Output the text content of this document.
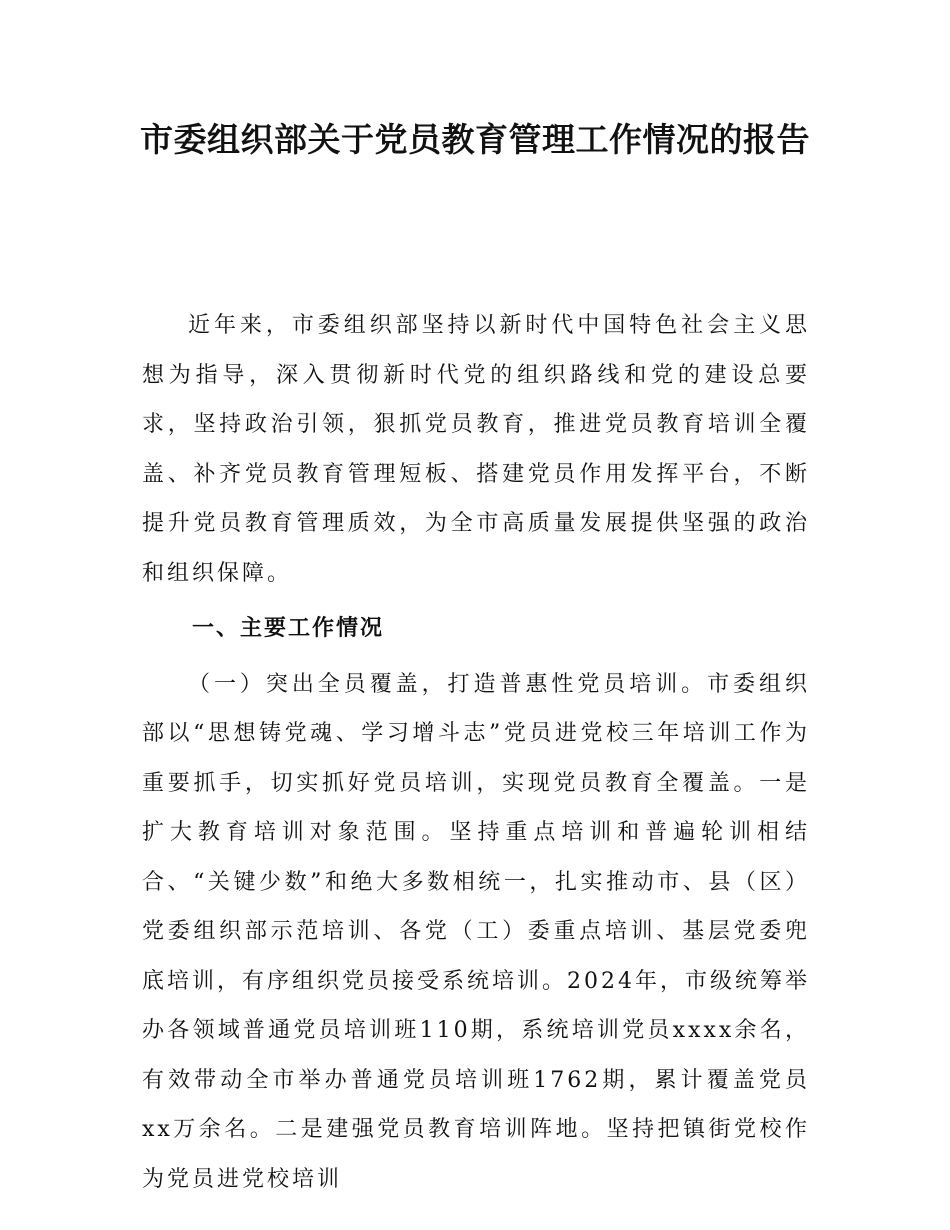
市委组织部关于党员教育管理工作情况的报告

近年来，市委组织部坚持以新时代中国特色社会主义思想为指导，深入贯彻新时代党的组织路线和党的建设总要求，坚持政治引领，狠抓党员教育，推进党员教育培训全覆盖、补齐党员教育管理短板、搭建党员作用发挥平台，不断提升党员教育管理质效，为全市高质量发展提供坚强的政治和组织保障。

一、主要工作情况

（一）突出全员覆盖，打造普惠性党员培训。市委组织部以“思想铸党魂、学习增斗志”党员进党校三年培训工作为重要抓手，切实抓好党员培训，实现党员教育全覆盖。一是扩大教育培训对象范围。坚持重点培训和普遍轮训相结合、“关键少数”和绝大多数相统一，扎实推动市、县（区）党委组织部示范培训、各党（工）委重点培训、基层党委兜底培训，有序组织党员接受系统培训。2024年，市级统筹举办各领域普通党员培训班110期，系统培训党员xxxx余名，有效带动全市举办普通党员培训班1762期，累计覆盖党员xx万余名。二是建强党员教育培训阵地。坚持把镇街党校作为党员进党校培训
